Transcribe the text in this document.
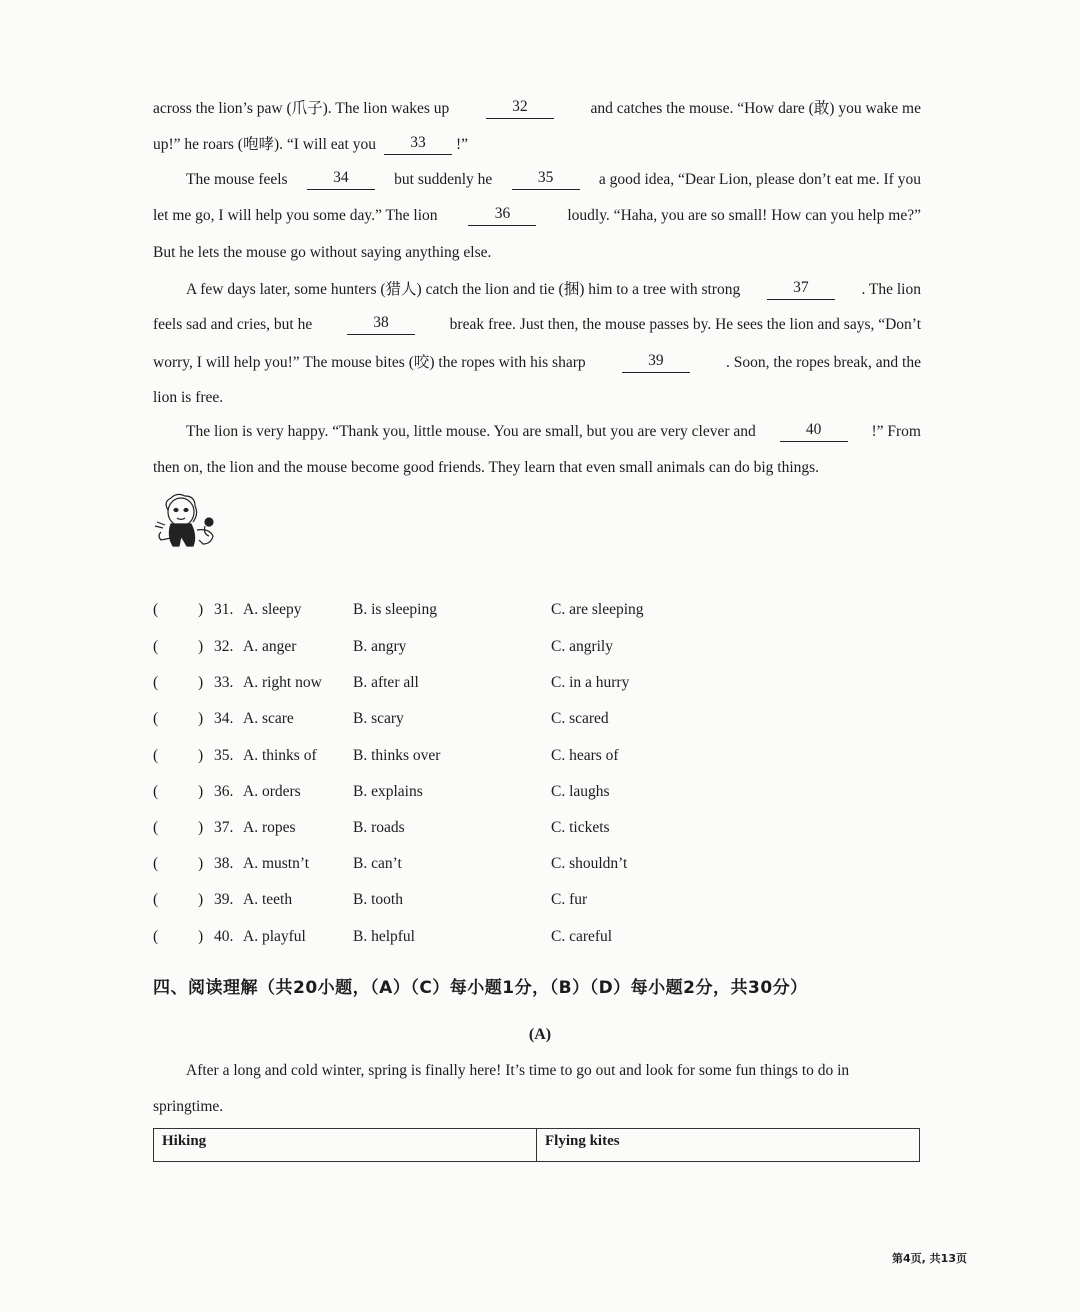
across the lion’s paw (爪子). The lion wakes up	32	and catches the mouse. “How dare (敢) you wake me
up!” he roars (咆哮). “I will eat you	33	!”
The mouse feels	34	but suddenly he	35	a good idea, “Dear Lion, please don’t eat me. If you
let me go, I will help you some day.” The lion	36	loudly. “Haha, you are so small! How can you help me?”
But he lets the mouse go without saying anything else.
A few days later, some hunters (猎人) catch the lion and tie (捆) him to a tree with strong	37	. The lion
feels sad and cries, but he	38	break free. Just then, the mouse passes by. He sees the lion and says, “Don’t
worry, I will help you!” The mouse bites (咬) the ropes with his sharp	39	. Soon, the ropes break, and the
lion is free.
The lion is very happy. “Thank you, little mouse. You are small, but you are very clever and	40	!” From
then on, the lion and the mouse become good friends. They learn that even small animals can do big things.
(	) 31. A. sleepy	B. is sleeping	C. are sleeping
(	) 32. A. anger	B. angry	C. angrily
(	) 33. A. right now B. after all	C. in a hurry
(	) 34. A. scare	B. scary	C. scared
(	) 35. A. thinks of B. thinks over	C. hears of
(	) 36. A. orders	B. explains	C. laughs
(	) 37. A. ropes	B. roads	C. tickets
(	) 38. A. mustn’t	B. can’t	C. shouldn’t
(	) 39. A. teeth	B. tooth	C. fur
(	) 40. A. playful	B. helpful	C. careful
四、阅读理解（共20小题，（A）（C）每小题1分，（B）（D）每小题2分，共30分）
(A)
After a long and cold winter, spring is finally here! It’s time to go out and look for some fun things to do in
springtime.
Hiking	Flying kites
第4页, 共13页
